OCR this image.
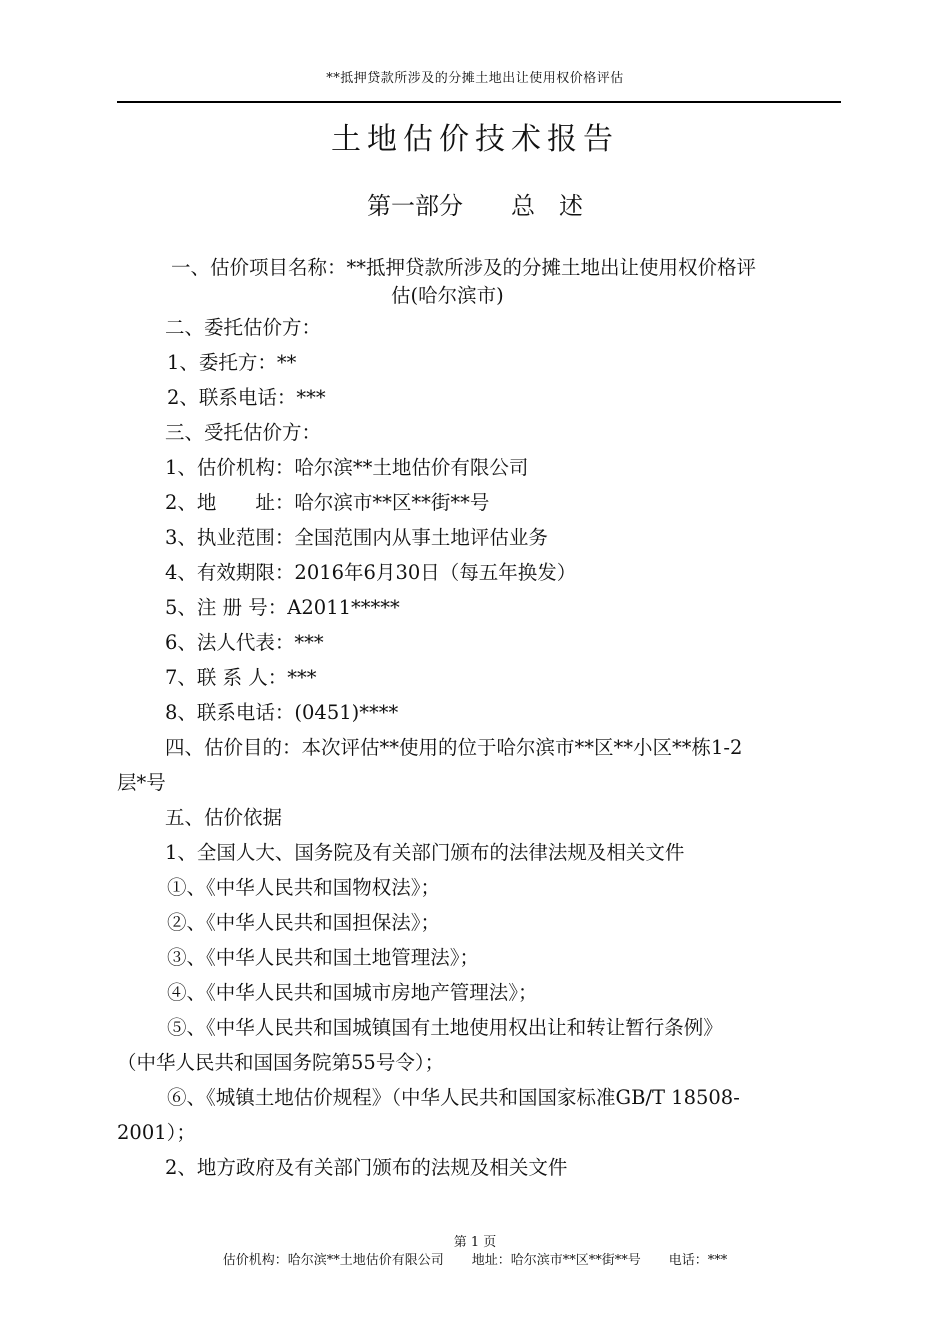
**抵押贷款所涉及的分摊土地出让使用权价格评估
土地估价技术报告
第一部分　　总　述
一、估价项目名称：**抵押贷款所涉及的分摊土地出让使用权价格评
估(哈尔滨市)
二、委托估价方：
1、委托方：**
2、联系电话：***
三、受托估价方：
1、估价机构：哈尔滨**土地估价有限公司
2、地　　址：哈尔滨市**区**街**号
3、执业范围：全国范围内从事土地评估业务
4、有效期限：2016年6月30日（每五年换发）
5、注 册 号：A2011*****
6、法人代表：***
7、联 系 人：***
8、联系电话：(0451)****
四、估价目的：本次评估**使用的位于哈尔滨市**区**小区**栋1-2
层*号
五、估价依据
1、全国人大、国务院及有关部门颁布的法律法规及相关文件
①、《中华人民共和国物权法》；
②、《中华人民共和国担保法》；
③、《中华人民共和国土地管理法》；
④、《中华人民共和国城市房地产管理法》；
⑤、《中华人民共和国城镇国有土地使用权出让和转让暂行条例》
（中华人民共和国国务院第55号令）；
⑥、《城镇土地估价规程》（中华人民共和国国家标准GB/T 18508-
2001）；
2、地方政府及有关部门颁布的法规及相关文件
第 1 页
估价机构：哈尔滨**土地估价有限公司 地址：哈尔滨市**区**街**号 电话：***
